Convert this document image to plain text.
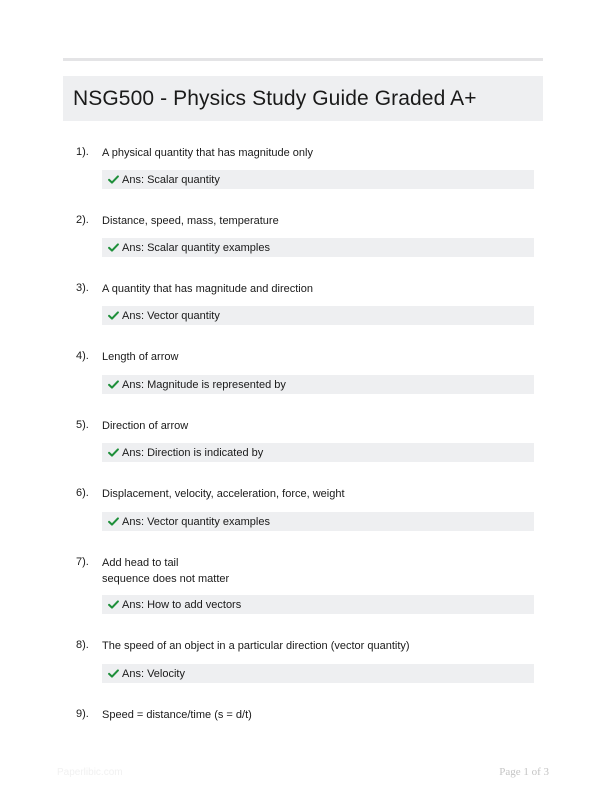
NSG500 - Physics Study Guide Graded A+
1). A physical quantity that has magnitude only
Ans: Scalar quantity
2). Distance, speed, mass, temperature
Ans: Scalar quantity examples
3). A quantity that has magnitude and direction
Ans: Vector quantity
4). Length of arrow
Ans: Magnitude is represented by
5). Direction of arrow
Ans: Direction is indicated by
6). Displacement, velocity, acceleration, force, weight
Ans: Vector quantity examples
7). Add head to tail
sequence does not matter
Ans: How to add vectors
8). The speed of an object in a particular direction (vector quantity)
Ans: Velocity
9). Speed = distance/time (s = d/t)
Paperlibic.com	Page 1 of 3
